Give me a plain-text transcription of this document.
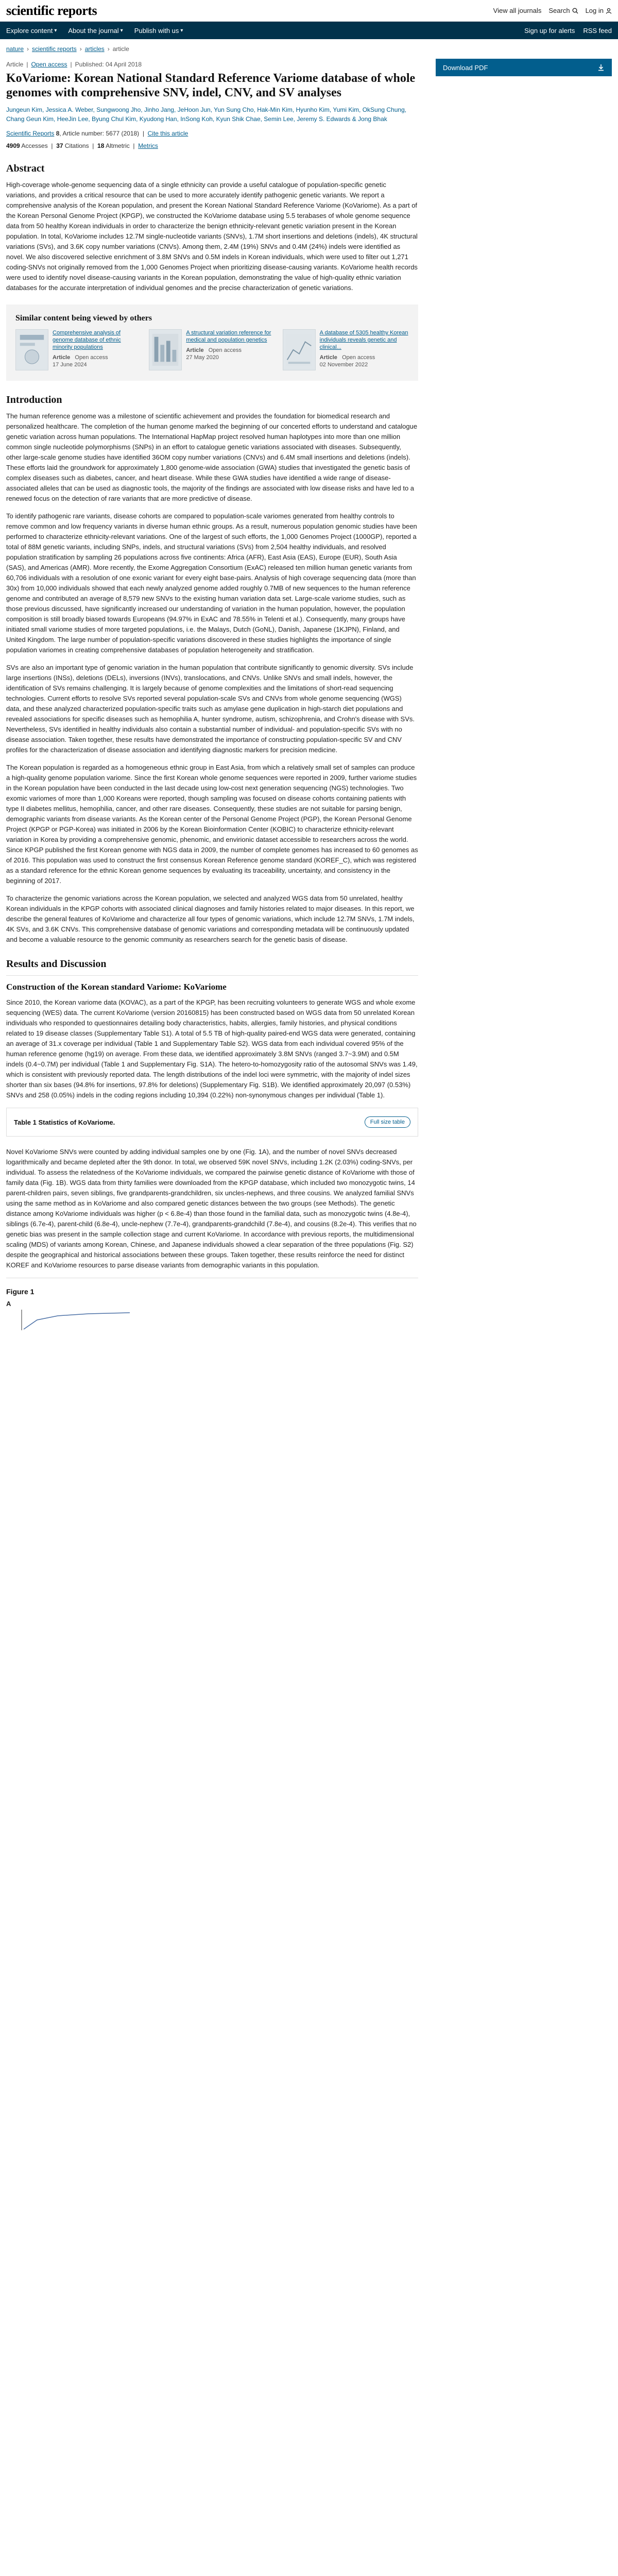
scientific reports	View all journals Search Log in
Explore content ▾ About the journal ▾ Publish with us ▾	Sign up for alerts RSS feed
nature › scientific reports › articles › article
Article | Open access | Published: 04 April 2018
KoVariome: Korean National Standard Reference Variome database of whole genomes with comprehensive SNV, indel, CNV, and SV analyses
Jungeun Kim, Jessica A. Weber, Sungwoong Jho, Jinho Jang, JeHoon Jun, Yun Sung Cho, Hak-Min Kim, Hyunho Kim, Yumi Kim, OkSung Chung, Chang Geun Kim, HeeJin Lee, Byung Chul Kim, Kyudong Han, InSong Koh, Kyun Shik Chae, Semin Lee, Jeremy S. Edwards & Jong Bhak
Scientific Reports 8, Article number: 5677 (2018)  |  Cite this article
4909 Accesses  |  37 Citations  |  18 Altmetric  |  Metrics
Abstract

High-coverage whole-genome sequencing data of a single ethnicity can provide a useful catalogue of population-specific genetic variations, and provides a critical resource that can be used to more accurately identify pathogenic genetic variants. We report a comprehensive analysis of the Korean population, and present the Korean National Standard Reference Variome (KoVariome). As a part of the Korean Personal Genome Project (KPGP), we constructed the KoVariome database using 5.5 terabases of whole genome sequence data from 50 healthy Korean individuals in order to characterize the benign ethnicity-relevant genetic variation present in the Korean population. In total, KoVariome includes 12.7M single-nucleotide variants (SNVs), 1.7M short insertions and deletions (indels), 4K structural variations (SVs), and 3.6K copy number variations (CNVs). Among them, 2.4M (19%) SNVs and 0.4M (24%) indels were identified as novel. We also discovered selective enrichment of 3.8M SNVs and 0.5M indels in Korean individuals, which were used to filter out 1,271 coding-SNVs not originally removed from the 1,000 Genomes Project when prioritizing disease-causing variants. KoVariome health records were used to identify novel disease-causing variants in the Korean population, demonstrating the value of high-quality ethnic variation databases for the accurate interpretation of individual genomes and the precise characterization of genetic variations.

Similar content being viewed by others
Comprehensive analysis of genome database of ethnic minority populations
Article Open access
17 June 2024
A structural variation reference for medical and population genetics
Article Open access
27 May 2020
A database of 5305 healthy Korean individuals reveals genetic and clinical...
Article Open access
02 November 2022
Introduction

The human reference genome was a milestone of scientific achievement and provides the foundation for biomedical research and personalized healthcare. The completion of the human genome marked the beginning of our concerted efforts to understand and catalogue genetic variation across human populations. The International HapMap project resolved human haplotypes into more than one million common single nucleotide polymorphisms (SNPs) in an effort to catalogue genetic variations associated with diseases. Subsequently, other large-scale genome studies have identified 36OM copy number variations (CNVs) and 6.4M small insertions and deletions (indels). These efforts laid the groundwork for approximately 1,800 genome-wide association (GWA) studies that investigated the genetic basis of complex diseases such as diabetes, cancer, and heart disease. While these GWA studies have identified a wide range of disease-associated alleles that can be used as diagnostic tools, the majority of the findings are associated with low disease risks and have led to a renewed focus on the detection of rare variants that are more predictive of disease.

To identify pathogenic rare variants, disease cohorts are compared to population-scale variomes generated from healthy controls to remove common and low frequency variants in diverse human ethnic groups. As a result, numerous population genomic studies have been performed to characterize ethnicity-relevant variations. One of the largest of such efforts, the 1,000 Genomes Project (1000GP), reported a total of 88M genetic variants, including SNPs, indels, and structural variations (SVs) from 2,504 healthy individuals, and resolved population stratification by sampling 26 populations across five continents: Africa (AFR), East Asia (EAS), Europe (EUR), South Asia (SAS), and Americas (AMR). More recently, the Exome Aggregation Consortium (ExAC) released ten million human genetic variants from 60,706 individuals with a resolution of one exonic variant for every eight base-pairs. Analysis of high coverage sequencing data (more than 30x) from 10,000 individuals showed that each newly analyzed genome added roughly 0.7MB of new sequences to the human reference genome and contributed an average of 8,579 new SNVs to the existing human variation data set. Large-scale variome studies, such as those previous discussed, have significantly increased our understanding of variation in the human population, however, the population composition is still broadly biased towards Europeans (94.97% in ExAC and 78.55% in Telenti et al.). Consequently, many groups have initiated small variome studies of more targeted populations, i.e. the Malays, Dutch (GoNL), Danish, Japanese (1KJPN), Finland, and United Kingdom. The large number of population-specific variations discovered in these studies highlights the importance of single population variomes in creating comprehensive databases of population heterogeneity and stratification.

SVs are also an important type of genomic variation in the human population that contribute significantly to genomic diversity. SVs include large insertions (INSs), deletions (DELs), inversions (INVs), translocations, and CNVs. Unlike SNVs and small indels, however, the identification of SVs remains challenging. It is largely because of genome complexities and the limitations of short-read sequencing technologies. Current efforts to resolve SVs reported several population-scale SVs and CNVs from whole genome sequencing (WGS) data, and these analyzed characterized population-specific traits such as amylase gene duplication in high-starch diet populations and revealed associations for specific diseases such as hemophilia A, hunter syndrome, autism, schizophrenia, and Crohn's disease with SVs. Nevertheless, SVs identified in healthy individuals also contain a substantial number of individual- and population-specific SVs with no disease association. Taken together, these results have demonstrated the importance of constructing population-specific SV and CNV profiles for the characterization of disease association and identifying diagnostic markers for precision medicine.

The Korean population is regarded as a homogeneous ethnic group in East Asia, from which a relatively small set of samples can produce a high-quality genome population variome. Since the first Korean whole genome sequences were reported in 2009, further variome studies in the Korean population have been conducted in the last decade using low-cost next generation sequencing (NGS) technologies. Two exomic variomes of more than 1,000 Koreans were reported, though sampling was focused on disease cohorts containing patients with type II diabetes mellitus, hemophilia, cancer, and other rare diseases. Consequently, these studies are not suitable for parsing benign, demographic variants from disease variants. As the Korean center of the Personal Genome Project (PGP), the Korean Personal Genome Project (KPGP or PGP-Korea) was initiated in 2006 by the Korean Bioinformation Center (KOBIC) to characterize ethnicity-relevant variation in Korea by providing a comprehensive genomic, phenomic, and envirionic dataset accessible to researchers across the world. Since KPGP published the first Korean genome with NGS data in 2009, the number of complete genomes has increased to 60 genomes as of 2016. This population was used to construct the first consensus Korean Reference genome standard (KOREF_C), which was registered as a standard reference for the ethnic Korean genome sequences by evaluating its traceability, uncertainty, and consistency in the beginning of 2017.

To characterize the genomic variations across the Korean population, we selected and analyzed WGS data from 50 unrelated, healthy Korean individuals in the KPGP cohorts with associated clinical diagnoses and family histories related to major diseases. In this report, we describe the general features of KoVariome and characterize all four types of genomic variations, which include 12.7M SNVs, 1.7M indels, 4K SVs, and 3.6K CNVs. This comprehensive database of genomic variations and corresponding metadata will be continuously updated and become a valuable resource to the genomic community as researchers search for the genetic basis of disease.

Results and Discussion
Construction of the Korean standard Variome: KoVariome

Since 2010, the Korean variome data (KOVAC), as a part of the KPGP, has been recruiting volunteers to generate WGS and whole exome sequencing (WES) data. The current KoVariome (version 20160815) has been constructed based on WGS data from 50 unrelated Korean individuals who responded to questionnaires detailing body characteristics, habits, allergies, family histories, and physical conditions related to 19 disease classes (Supplementary Table S1). A total of 5.5 TB of high-quality paired-end WGS data were generated, containing an average of 31.x coverage per individual (Table 1 and Supplementary Table S2). WGS data from each individual covered 95% of the human reference genome (hg19) on average. From these data, we identified approximately 3.8M SNVs (ranged 3.7~3.9M) and 0.5M indels (0.4~0.7M) per individual (Table 1 and Supplementary Fig. S1A). The hetero-to-homozygosity ratio of the autosomal SNVs was 1.49, which is consistent with previously reported data. The length distributions of the indel loci were symmetric, with the majority of indel sizes shorter than six bases (94.8% for insertions, 97.8% for deletions) (Supplementary Fig. S1B). We identified approximately 20,097 (0.53%) SNVs and 258 (0.05%) indels in the coding regions including 10,394 (0.22%) non-synonymous changes per individual (Table 1).

Table 1 Statistics of KoVariome.	Full size table

Novel KoVariome SNVs were counted by adding individual samples one by one (Fig. 1A), and the number of novel SNVs decreased logarithmically and became depleted after the 9th donor. In total, we observed 59K novel SNVs, including 1.2K (2.03%) coding-SNVs, per individual. To assess the relatedness of the KoVariome individuals, we compared the pairwise genetic distance of KoVariome with those of family data (Fig. 1B). WGS data from thirty families were downloaded from the KPGP database, which included two monozygotic twins, 14 parent-children pairs, seven siblings, five grandparents-grandchildren, six uncles-nephews, and three cousins. We analyzed familial SNVs using the same method as in KoVariome and also compared genetic distances between the two groups (see Methods). The genetic distance among KoVariome individuals was higher (p < 6.8e-4) than those found in the familial data, such as monozygotic twins (4.8e-4), siblings (6.7e-4), parent-child (6.8e-4), uncle-nephew (7.7e-4), grandparents-grandchild (7.8e-4), and cousins (8.2e-4). This verifies that no genetic bias was present in the sample collection stage and current KoVariome. In accordance with previous reports, the multidimensional scaling (MDS) of variants among Korean, Chinese, and Japanese individuals showed a clear separation of the three populations (Fig. S2) despite the geographical and historical associations between these groups. Taken together, these results reinforce the need for distinct KOREF and KoVariome resources to parse disease variants from demographic variants in this population.

Figure 1
A
Download PDF
